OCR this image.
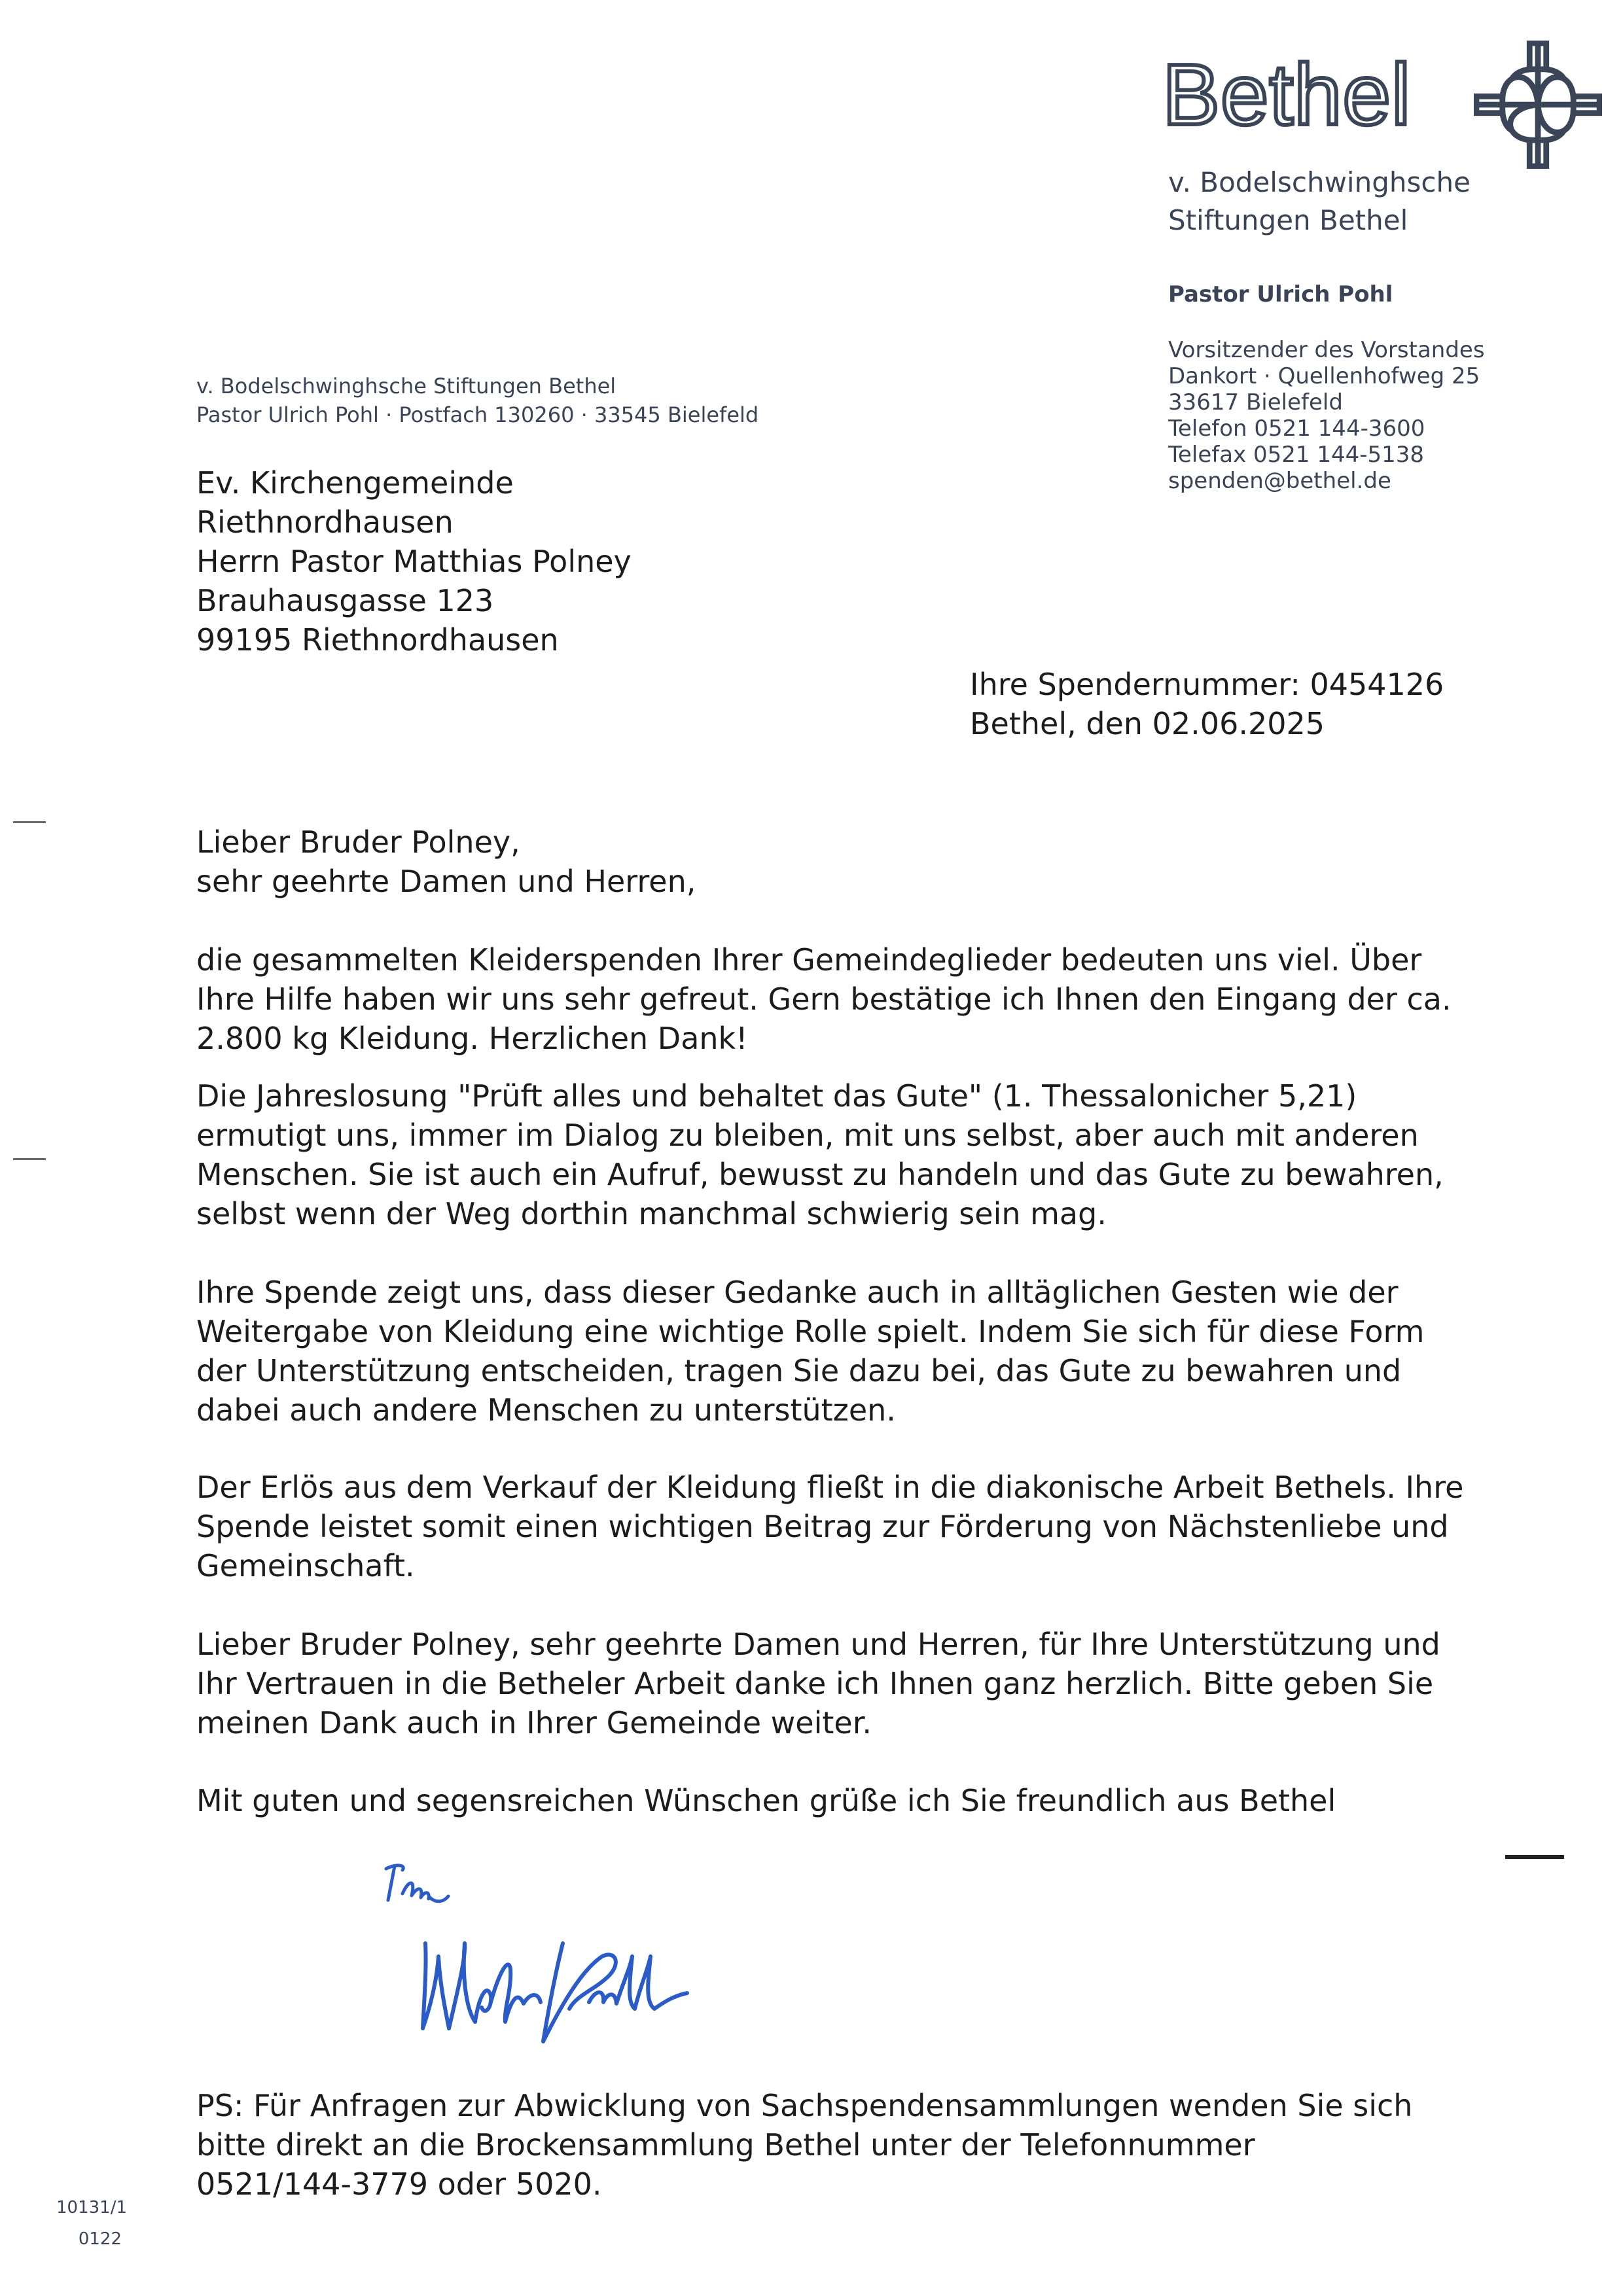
Bethel
v. Bodelschwinghsche
Stiftungen Bethel
Pastor Ulrich Pohl
Vorsitzender des Vorstandes
Dankort · Quellenhofweg 25
33617 Bielefeld
Telefon 0521 144-3600
Telefax 0521 144-5138
spenden@bethel.de
v. Bodelschwinghsche Stiftungen Bethel
Pastor Ulrich Pohl · Postfach 130260 · 33545 Bielefeld
Ev. Kirchengemeinde
Riethnordhausen
Herrn Pastor Matthias Polney
Brauhausgasse 123
99195 Riethnordhausen
Ihre Spendernummer: 0454126
Bethel, den 02.06.2025
Lieber Bruder Polney,
sehr geehrte Damen und Herren,
die gesammelten Kleiderspenden Ihrer Gemeindeglieder bedeuten uns viel. Über
Ihre Hilfe haben wir uns sehr gefreut. Gern bestätige ich Ihnen den Eingang der ca.
2.800 kg Kleidung. Herzlichen Dank!
Die Jahreslosung "Prüft alles und behaltet das Gute" (1. Thessalonicher 5,21)
ermutigt uns, immer im Dialog zu bleiben, mit uns selbst, aber auch mit anderen
Menschen. Sie ist auch ein Aufruf, bewusst zu handeln und das Gute zu bewahren,
selbst wenn der Weg dorthin manchmal schwierig sein mag.
Ihre Spende zeigt uns, dass dieser Gedanke auch in alltäglichen Gesten wie der
Weitergabe von Kleidung eine wichtige Rolle spielt. Indem Sie sich für diese Form
der Unterstützung entscheiden, tragen Sie dazu bei, das Gute zu bewahren und
dabei auch andere Menschen zu unterstützen.
Der Erlös aus dem Verkauf der Kleidung fließt in die diakonische Arbeit Bethels. Ihre
Spende leistet somit einen wichtigen Beitrag zur Förderung von Nächstenliebe und
Gemeinschaft.
Lieber Bruder Polney, sehr geehrte Damen und Herren, für Ihre Unterstützung und
Ihr Vertrauen in die Betheler Arbeit danke ich Ihnen ganz herzlich. Bitte geben Sie
meinen Dank auch in Ihrer Gemeinde weiter.
Mit guten und segensreichen Wünschen grüße ich Sie freundlich aus Bethel
PS: Für Anfragen zur Abwicklung von Sachspendensammlungen wenden Sie sich
bitte direkt an die Brockensammlung Bethel unter der Telefonnummer
0521/144-3779 oder 5020.
10131/1
0122
